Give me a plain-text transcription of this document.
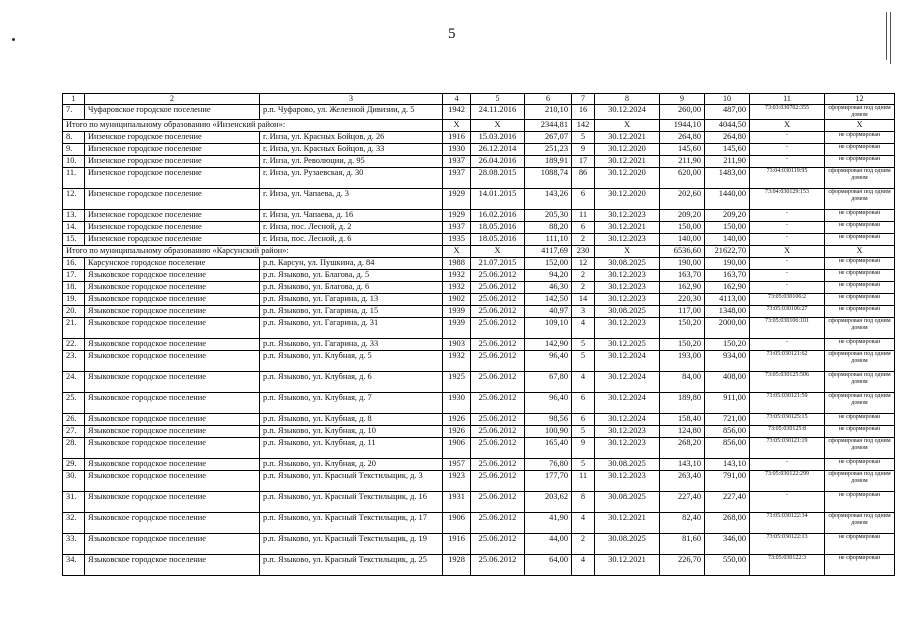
5
1	2	3	4	5	6	7	8	9	10	11	12
7.	Чуфаровское городское поселение	р.п. Чуфарово, ул. Железной Дивизии, д. 5	1942	24.11.2016	210,10	16	30.12.2024	260,00	487,00	73:03:030702:355	сформирован под одним домом
Итого по муниципальному образованию «Инзенский район»:			X	X	2344,81	142	X	1944,10	4044,50	X	X
8.	Инзенское городское поселение	г. Инза, ул. Красных Бойцов, д. 26	1916	15.03.2016	267,07	5	30.12.2021	264,80	264,80	-	не сформирован
9.	Инзенское городское поселение	г. Инза, ул. Красных Бойцов, д. 33	1930	26.12.2014	251,23	9	30.12.2020	145,60	145,60	-	не сформирован
10.	Инзенское городское поселение	г. Инза, ул. Революции, д. 95	1937	26.04.2016	189,91	17	30.12.2021	211,90	211,90	-	не сформирован
11.	Инзенское городское поселение	г. Инза, ул. Рузаевская, д. 30	1937	28.08.2015	1088,74	86	30.12.2020	620,00	1483,00	73:04:030119:95	сформирован под одним домом
12.	Инзенское городское поселение	г. Инза, ул. Чапаева, д. 3	1929	14.01.2015	143,26	6	30.12.2020	202,60	1440,00	73:04:030129:153	сформирован под одним домом
13.	Инзенское городское поселение	г. Инза, ул. Чапаева, д. 16	1929	16.02.2016	205,30	11	30.12.2023	209,20	209,20	-	не сформирован
14.	Инзенское городское поселение	г. Инза, пос. Лесной, д. 2	1937	18.05.2016	88,20	6	30.12.2021	150,00	150,00	-	не сформирован
15.	Инзенское городское поселение	г. Инза, пос. Лесной, д. 6	1935	18.05.2016	111,10	2	30.12.2023	140,00	140,00	-	не сформирован
Итого по муниципальному образованию «Карсунский район»:			X	X	4117,69	230	X	6536,60	21622,70	X	X
16.	Карсунское городское поселение	р.п. Карсун, ул. Пушкина, д. 84	1988	21.07.2015	152,00	12	30.08.2025	190,00	190,00	-	не сформирован
17.	Языковское городское поселение	р.п. Языково, ул. Благова, д. 5	1932	25.06.2012	94,20	2	30.12.2023	163,70	163,70	-	не сформирован
18.	Языковское городское поселение	р.п. Языково, ул. Благова, д. 6	1932	25.06.2012	46,30	2	30.12.2023	162,90	162,90	-	не сформирован
19.	Языковское городское поселение	р.п. Языково, ул. Гагарина, д. 13	1902	25.06.2012	142,50	14	30.12.2023	220,30	4113,00	73:05:030106:2	не сформирован
20.	Языковское городское поселение	р.п. Языково, ул. Гагарина, д. 15	1939	25.06.2012	40,97	3	30.08.2025	117,00	1348,00	73:05:030106:27	не сформирован
21.	Языковское городское поселение	р.п. Языково, ул. Гагарина, д. 31	1939	25.06.2012	109,10	4	30.12.2023	150,20	2000,00	73:05:030106:101	сформирован под одним домом
22.	Языковское городское поселение	р.п. Языково, ул. Гагарина, д. 33	1903	25.06.2012	142,90	5	30.12.2025	150,20	150,20	-	не сформирован
23.	Языковское городское поселение	р.п. Языково, ул. Клубная, д. 5	1932	25.06.2012	96,40	5	30.12.2024	193,00	934,00	73:05:030121:62	сформирован под одним домом
24.	Языковское городское поселение	р.п. Языково, ул. Клубная, д. 6	1925	25.06.2012	67,80	4	30.12.2024	84,00	408,00	73:05:030125:506	сформирован под одним домом
25.	Языковское городское поселение	р.п. Языково, ул. Клубная, д. 7	1930	25.06.2012	96,40	6	30.12.2024	189,80	911,00	73:05:030121:59	сформирован под одним домом
26.	Языковское городское поселение	р.п. Языково, ул. Клубная, д. 8	1926	25.06.2012	98,56	6	30.12.2024	158,40	721,00	73:05:030125:15	не сформирован
27.	Языковское городское поселение	р.п. Языково, ул. Клубная, д. 10	1926	25.06.2012	100,90	5	30.12.2023	124,80	856,00	73:05:030125:8	не сформирован
28.	Языковское городское поселение	р.п. Языково, ул. Клубная, д. 11	1906	25.06.2012	165,40	9	30.12.2023	268,20	856,00	73:05:030121:19	сформирован под одним домом
29.	Языковское городское поселение	р.п. Языково, ул. Клубная, д. 20	1957	25.06.2012	76,80	5	30.08.2025	143,10	143,10	-	не сформирован
30.	Языковское городское поселение	р.п. Языково, ул. Красный Текстильщик, д. 3	1923	25.06.2012	177,70	11	30.12.2023	263,40	791,00	73:05:030122:299	сформирован под одним домом
31.	Языковское городское поселение	р.п. Языково, ул. Красный Текстильщик, д. 16	1931	25.06.2012	203,62	8	30.08.2025	227,40	227,40	-	не сформирован
32.	Языковское городское поселение	р.п. Языково, ул. Красный Текстильщик, д. 17	1906	25.06.2012	41,90	4	30.12.2021	82,40	268,00	73:05:030122:34	сформирован под одним домом
33.	Языковское городское поселение	р.п. Языково, ул. Красный Текстильщик, д. 19	1916	25.06.2012	44,00	2	30.08.2025	81,60	346,00	73:05:030122:13	не сформирован
34.	Языковское городское поселение	р.п. Языково, ул. Красный Текстильщик, д. 25	1928	25.06.2012	64,00	4	30.12.2021	226,70	550,00	73:05:030122:3	не сформирован
